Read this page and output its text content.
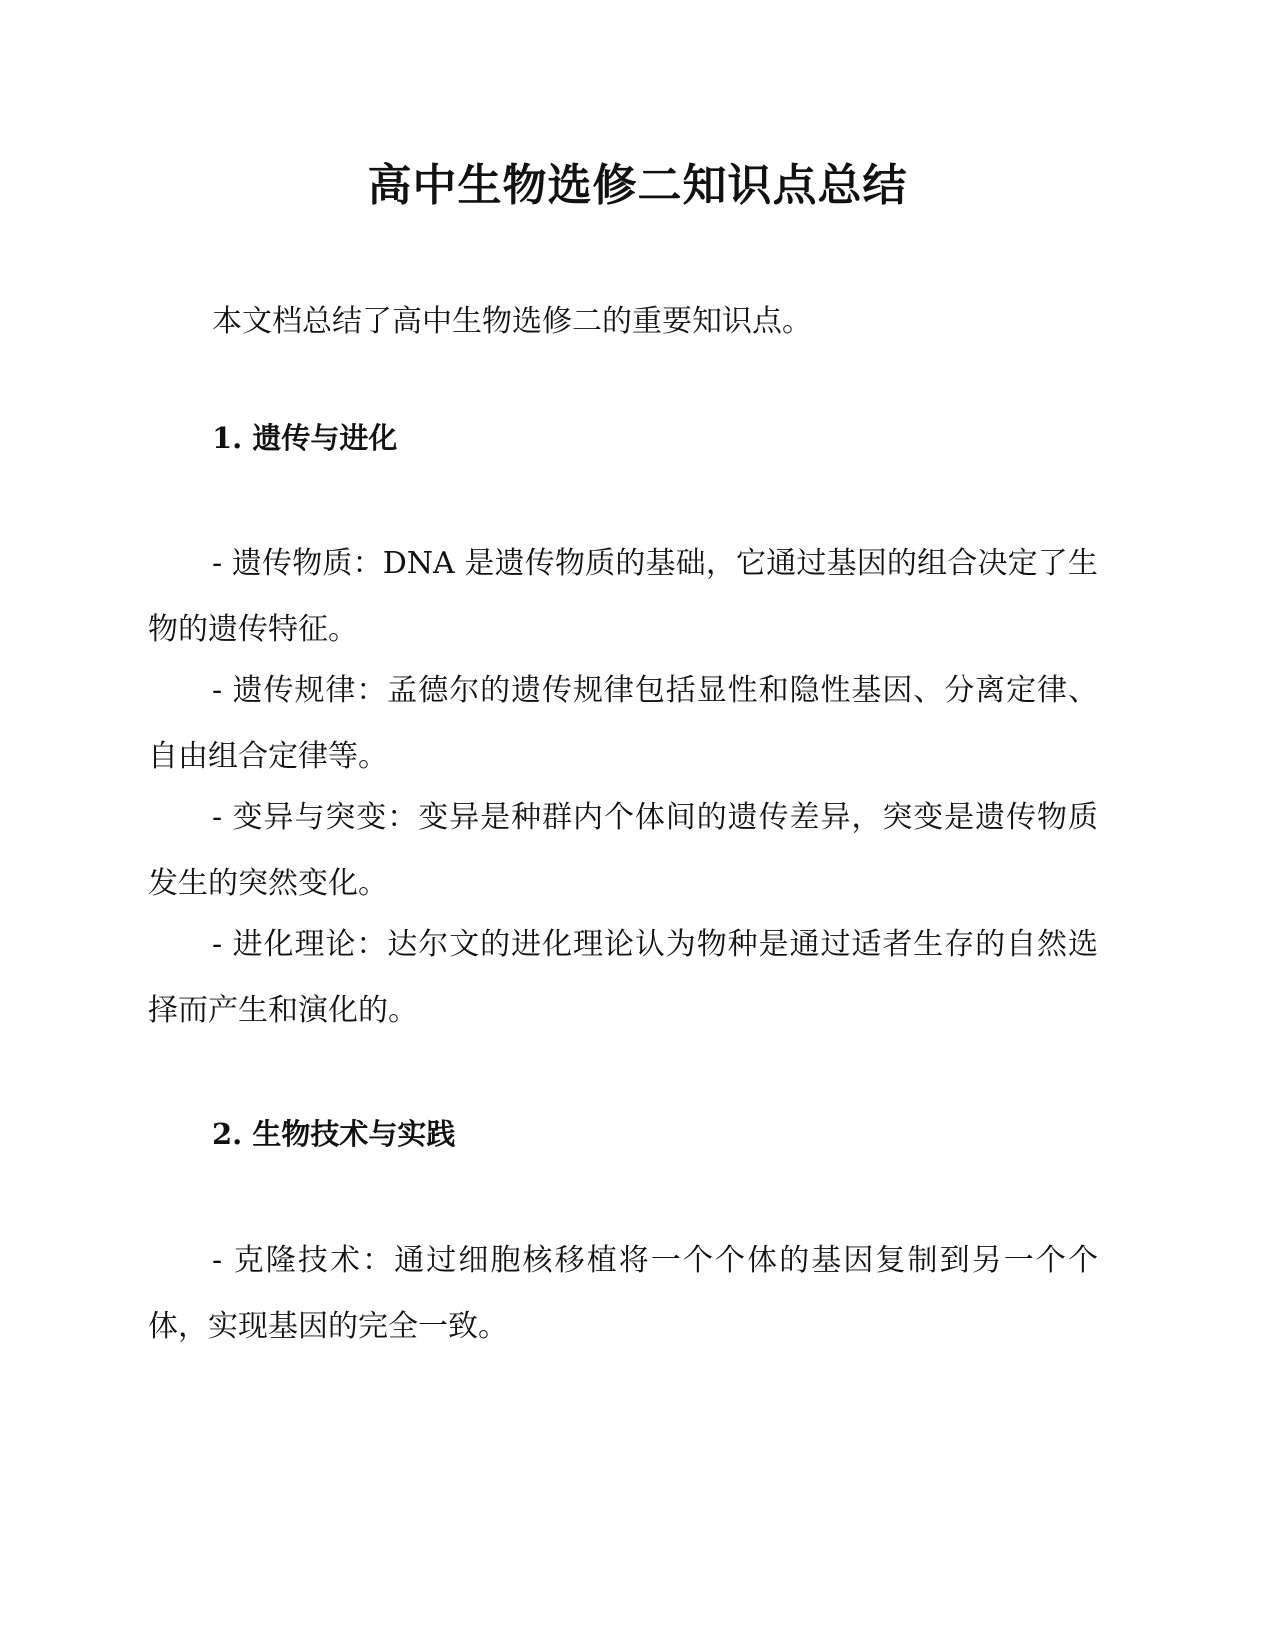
高中生物选修二知识点总结
本文档总结了高中生物选修二的重要知识点。
1. 遗传与进化
- 遗传物质：DNA 是遗传物质的基础，它通过基因的组合决定了生物的遗传特征。
- 遗传规律：孟德尔的遗传规律包括显性和隐性基因、分离定律、自由组合定律等。
- 变异与突变：变异是种群内个体间的遗传差异，突变是遗传物质发生的突然变化。
- 进化理论：达尔文的进化理论认为物种是通过适者生存的自然选择而产生和演化的。
2. 生物技术与实践
- 克隆技术：通过细胞核移植将一个个体的基因复制到另一个个体，实现基因的完全一致。
